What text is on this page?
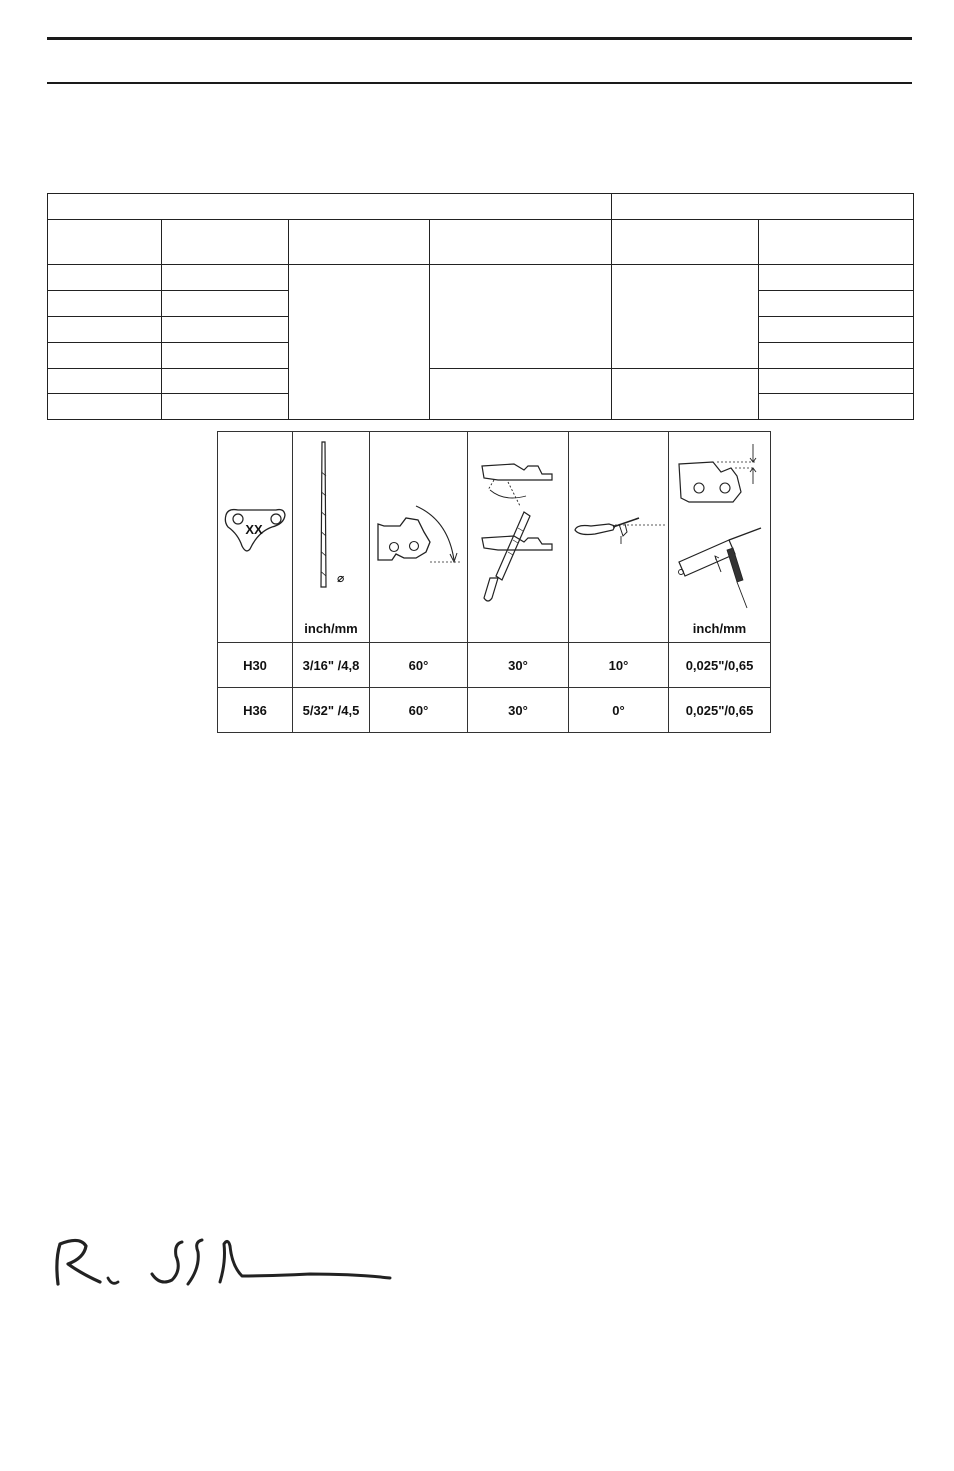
XX	⌀
inch/mm				inch/mm

H30	3/16" /4,8	60°	30°	10°	0,025"/0,65
H36	5/32" /4,5	60°	30°	0°	0,025"/0,65
